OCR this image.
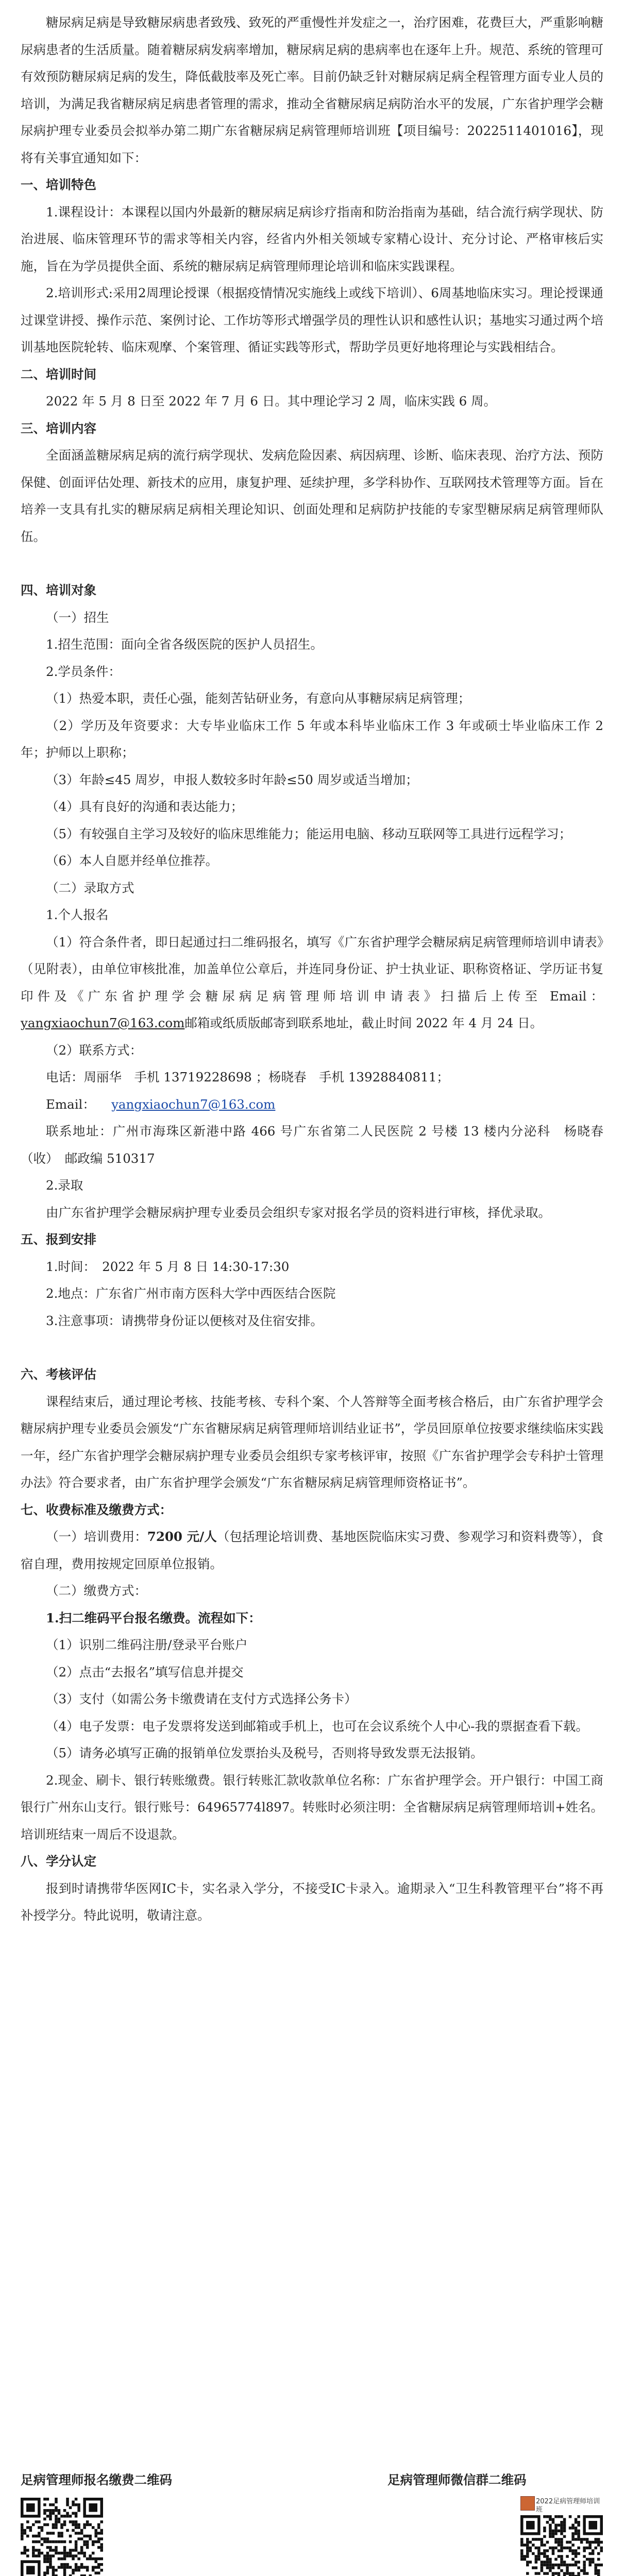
糖尿病足病是导致糖尿病患者致残、致死的严重慢性并发症之一，治疗困难，花费巨大，严重影响糖尿病患者的生活质量。随着糖尿病发病率增加，糖尿病足病的患病率也在逐年上升。规范、系统的管理可有效预防糖尿病足病的发生，降低截肢率及死亡率。目前仍缺乏针对糖尿病足病全程管理方面专业人员的培训，为满足我省糖尿病足病患者管理的需求，推动全省糖尿病足病防治水平的发展，广东省护理学会糖尿病护理专业委员会拟举办第二期广东省糖尿病足病管理师培训班【项目编号：2022511401016】，现将有关事宜通知如下：

一、培训特色

1.课程设计：本课程以国内外最新的糖尿病足病诊疗指南和防治指南为基础，结合流行病学现状、防治进展、临床管理环节的需求等相关内容，经省内外相关领域专家精心设计、充分讨论、严格审核后实施，旨在为学员提供全面、系统的糖尿病足病管理师理论培训和临床实践课程。

2.培训形式:采用2周理论授课（根据疫情情况实施线上或线下培训）、6周基地临床实习。理论授课通过课堂讲授、操作示范、案例讨论、工作坊等形式增强学员的理性认识和感性认识；基地实习通过两个培训基地医院轮转、临床观摩、个案管理、循证实践等形式，帮助学员更好地将理论与实践相结合。

二、培训时间

2022 年 5 月 8 日至 2022 年 7 月 6 日。其中理论学习 2 周，临床实践 6 周。

三、培训内容

全面涵盖糖尿病足病的流行病学现状、发病危险因素、病因病理、诊断、临床表现、治疗方法、预防保健、创面评估处理、新技术的应用，康复护理、延续护理，多学科协作、互联网技术管理等方面。旨在培养一支具有扎实的糖尿病足病相关理论知识、创面处理和足病防护技能的专家型糖尿病足病管理师队伍。

四、培训对象

（一）招生

1.招生范围：面向全省各级医院的医护人员招生。

2.学员条件：

（1）热爱本职，责任心强，能刻苦钻研业务，有意向从事糖尿病足病管理；

（2）学历及年资要求：大专毕业临床工作 5 年或本科毕业临床工作 3 年或硕士毕业临床工作 2 年；护师以上职称；

（3）年龄≤45 周岁，申报人数较多时年龄≤50 周岁或适当增加；

（4）具有良好的沟通和表达能力；

（5）有较强自主学习及较好的临床思维能力；能运用电脑、移动互联网等工具进行远程学习；

（6）本人自愿并经单位推荐。

（二）录取方式

1.个人报名

（1）符合条件者，即日起通过扫二维码报名，填写《广东省护理学会糖尿病足病管理师培训申请表》（见附表），由单位审核批准，加盖单位公章后，并连同身份证、护士执业证、职称资格证、学历证书复印件及《广东省护理学会糖尿病足病管理师培训申请表》扫描后上传至 Email：yangxiaochun7@163.com邮箱或纸质版邮寄到联系地址，截止时间 2022 年 4 月 24 日。

（2）联系方式：

电话：周丽华　手机 13719228698 ；杨晓春　手机 13928840811；

Email： yangxiaochun7@163.com

联系地址：广州市海珠区新港中路 466 号广东省第二人民医院 2 号楼 13 楼内分泌科　杨晓春（收）　邮政编 510317

2.录取

由广东省护理学会糖尿病护理专业委员会组织专家对报名学员的资料进行审核，择优录取。

五、报到安排

1.时间：　2022 年 5 月 8 日 14:30-17:30

2.地点：广东省广州市南方医科大学中西医结合医院

3.注意事项：请携带身份证以便核对及住宿安排。

六、考核评估

课程结束后，通过理论考核、技能考核、专科个案、个人答辩等全面考核合格后，由广东省护理学会糖尿病护理专业委员会颁发“广东省糖尿病足病管理师培训结业证书”，学员回原单位按要求继续临床实践一年，经广东省护理学会糖尿病护理专业委员会组织专家考核评审，按照《广东省护理学会专科护士管理办法》符合要求者，由广东省护理学会颁发“广东省糖尿病足病管理师资格证书”。

七、收费标准及缴费方式：

（一）培训费用：7200 元/人（包括理论培训费、基地医院临床实习费、参观学习和资料费等），食宿自理，费用按规定回原单位报销。

（二）缴费方式：

1.扫二维码平台报名缴费。流程如下：

（1）识别二维码注册/登录平台账户

（2）点击“去报名”填写信息并提交

（3）支付（如需公务卡缴费请在支付方式选择公务卡）

（4）电子发票：电子发票将发送到邮箱或手机上，也可在会议系统个人中心-我的票据查看下载。

（5）请务必填写正确的报销单位发票抬头及税号，否则将导致发票无法报销。

2.现金、刷卡、银行转账缴费。银行转账汇款收款单位名称：广东省护理学会。开户银行：中国工商银行广州东山支行。银行账号：64965774l897。转账时必须注明：全省糖尿病足病管理师培训+姓名。培训班结束一周后不设退款。

八、学分认定

报到时请携带华医网IC卡，实名录入学分，不接受IC卡录入。逾期录入“卫生科教管理平台”将不再补授学分。特此说明，敬请注意。

足病管理师报名缴费二维码	足病管理师微信群二维码

2022足病管理师培训

班
